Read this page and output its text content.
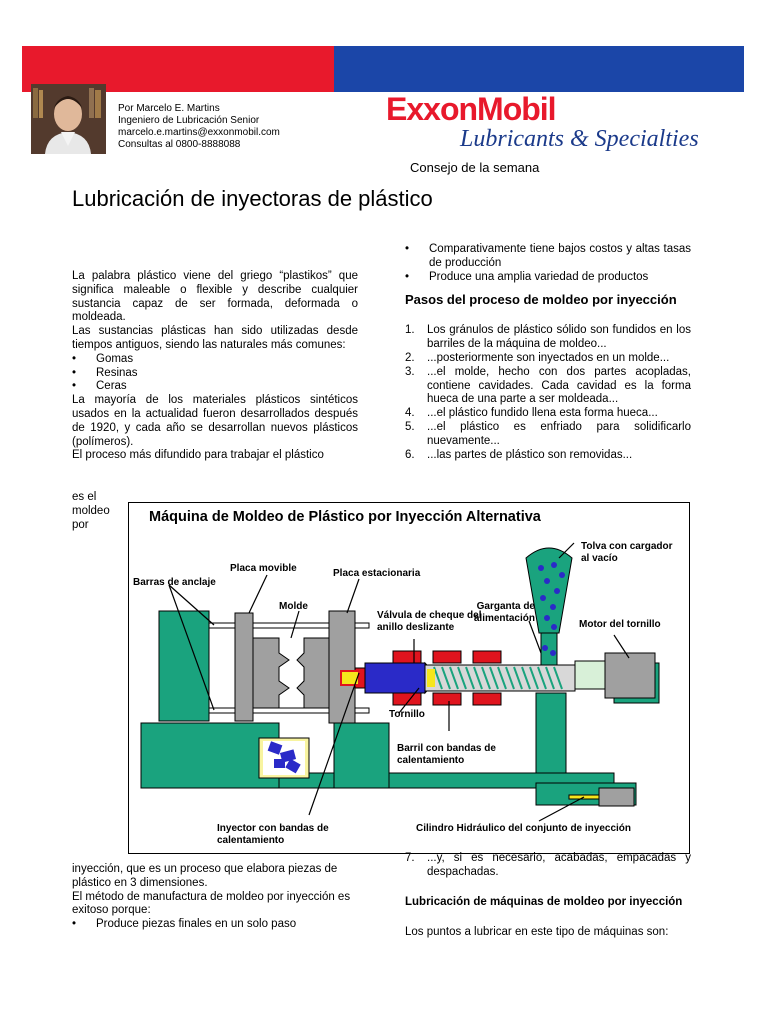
Por Marcelo E. Martins
Ingeniero de Lubricación Senior
marcelo.e.martins@exxonmobil.com
Consultas al 0800-8888088
ExxonMobil
Lubricants & Specialties
Consejo de la semana
Lubricación de inyectoras de plástico

La palabra plástico viene del griego “plastikos” que significa maleable o flexible y describe cualquier sustancia capaz de ser formada, deformada o moldeada.

Las sustancias plásticas han sido utilizadas desde tiempos antiguos, siendo las naturales más comunes:

• Gomas

• Resinas

• Ceras

La mayoría de los materiales plásticos sintéticos usados en la actualidad fueron desarrollados después de 1920, y cada año se desarrollan nuevos plásticos (polímeros).

El proceso más difundido para trabajar el plástico

es el moldeo por

• Comparativamente tiene bajos costos y altas tasas de producción

• Produce una amplia variedad de productos

Pasos del proceso de moldeo por inyección

1. Los gránulos de plástico sólido son fundidos en los barriles de la máquina de moldeo...

2. ...posteriormente son inyectados en un molde...

3. ...el molde, hecho con dos partes acopladas, contiene cavidades. Cada cavidad es la forma hueca de una parte a ser moldeada...

4. ...el plástico fundido llena esta forma hueca...

5. ...el plástico es enfriado para solidificarlo nuevamente...

6. ...las partes de plástico son removidas...

Máquina de Moldeo de Plástico por Inyección Alternativa
Placa movible	Placa estacionaria
Barras de anclaje
Molde
Válvula de cheque del anillo deslizante
Garganta de alimentación
Tolva con cargador al vacío
Motor del tornillo
Tornillo
Barril con bandas de calentamiento
Inyector con bandas de calentamiento
Cilindro Hidráulico del conjunto de inyección

inyección, que es un proceso que elabora piezas de plástico en 3 dimensiones.

El método de manufactura de moldeo por inyección es exitoso porque:

• Produce piezas finales en un solo paso

7. ...y, si es necesario, acabadas, empacadas y despachadas.

Lubricación de máquinas de moldeo por inyección

Los puntos a lubricar en este tipo de máquinas son:
